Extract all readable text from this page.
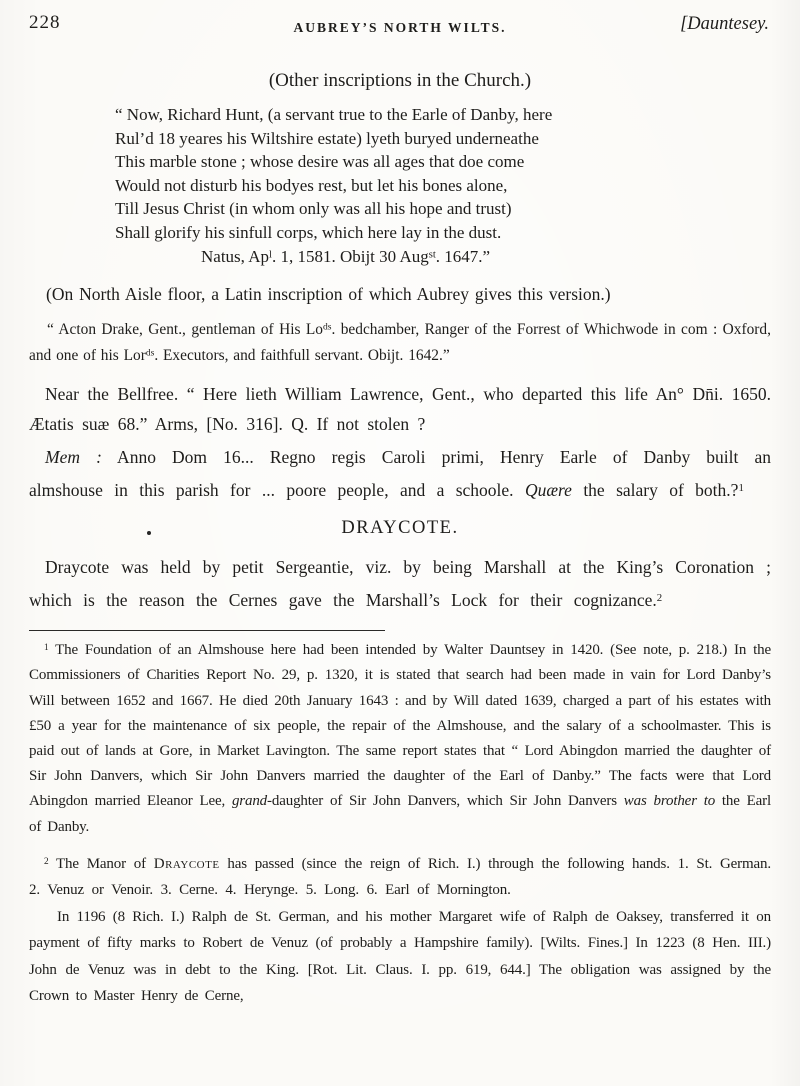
228	AUBREY’S NORTH WILTS.	[Dauntesey.
(Other inscriptions in the Church.)
“ Now, Richard Hunt, (a servant true to the Earle of Danby, here
Rul’d 18 yeares his Wiltshire estate) lyeth buryed underneathe
This marble stone ; whose desire was all ages that doe come
Would not disturb his bodyes rest, but let his bones alone,
Till Jesus Christ (in whom only was all his hope and trust)
Shall glorify his sinfull corps, which here lay in the dust.
Natus, Ap$^l$. 1, 1581. Obijt 30 Aug$^{st}$. 1647.”
(On North Aisle floor, a Latin inscription of which Aubrey gives this version.)

“ Acton Drake, Gent., gentleman of His $Lo^{ds}$. bedchamber, Ranger of the Forrest of Whichwode in com : Oxford, and one of his Lor$^{ds}$. Executors, and faithfull servant. Obijt. 1642.”

Near the Bellfree. “ Here lieth William Lawrence, Gent., who departed this life An° Dn̄i. 1650. Ætatis suæ 68.” Arms, [No. 316]. Q. If not stolen ?

Mem : Anno Dom 16... Regno regis Caroli primi, Henry Earle of Danby built an almshouse in this parish for ... poore people, and a schoole. Quære the salary of both.?$^1$

DRAYCOTE.

Draycote was held by petit Sergeantie, viz. by being Marshall at the King’s Coronation ; which is the reason the Cernes gave the Marshall’s Lock for their cognizance.$^2$

$^1$ The Foundation of an Almshouse here had been intended by Walter Dauntsey in 1420. (See note, p. 218.) In the Commissioners of Charities Report No. 29, p. 1320, it is stated that search had been made in vain for Lord Danby’s Will between 1652 and 1667. He died 20th January 1643 : and by Will dated 1639, charged a part of his estates with £50 a year for the maintenance of six people, the repair of the Almshouse, and the salary of a schoolmaster. This is paid out of lands at Gore, in Market Lavington. The same report states that “ Lord Abingdon married the daughter of Sir John Danvers, which Sir John Danvers married the daughter of the Earl of Danby.” The facts were that Lord Abingdon married Eleanor Lee, grand-daughter of Sir John Danvers, which Sir John Danvers was brother to the Earl of Danby.

$^2$ The Manor of Draycote has passed (since the reign of Rich. I.) through the following hands. 1. St. German. 2. Venuz or Venoir. 3. Cerne. 4. Herynge. 5. Long. 6. Earl of Mornington.

In 1196 (8 Rich. I.) Ralph de St. German, and his mother Margaret wife of Ralph de Oaksey, transferred it on payment of fifty marks to Robert de Venuz (of probably a Hampshire family). [Wilts. Fines.] In 1223 (8 Hen. III.) John de Venuz was in debt to the King. [Rot. Lit. Claus. I. pp. 619, 644.] The obligation was assigned by the Crown to Master Henry de Cerne,
